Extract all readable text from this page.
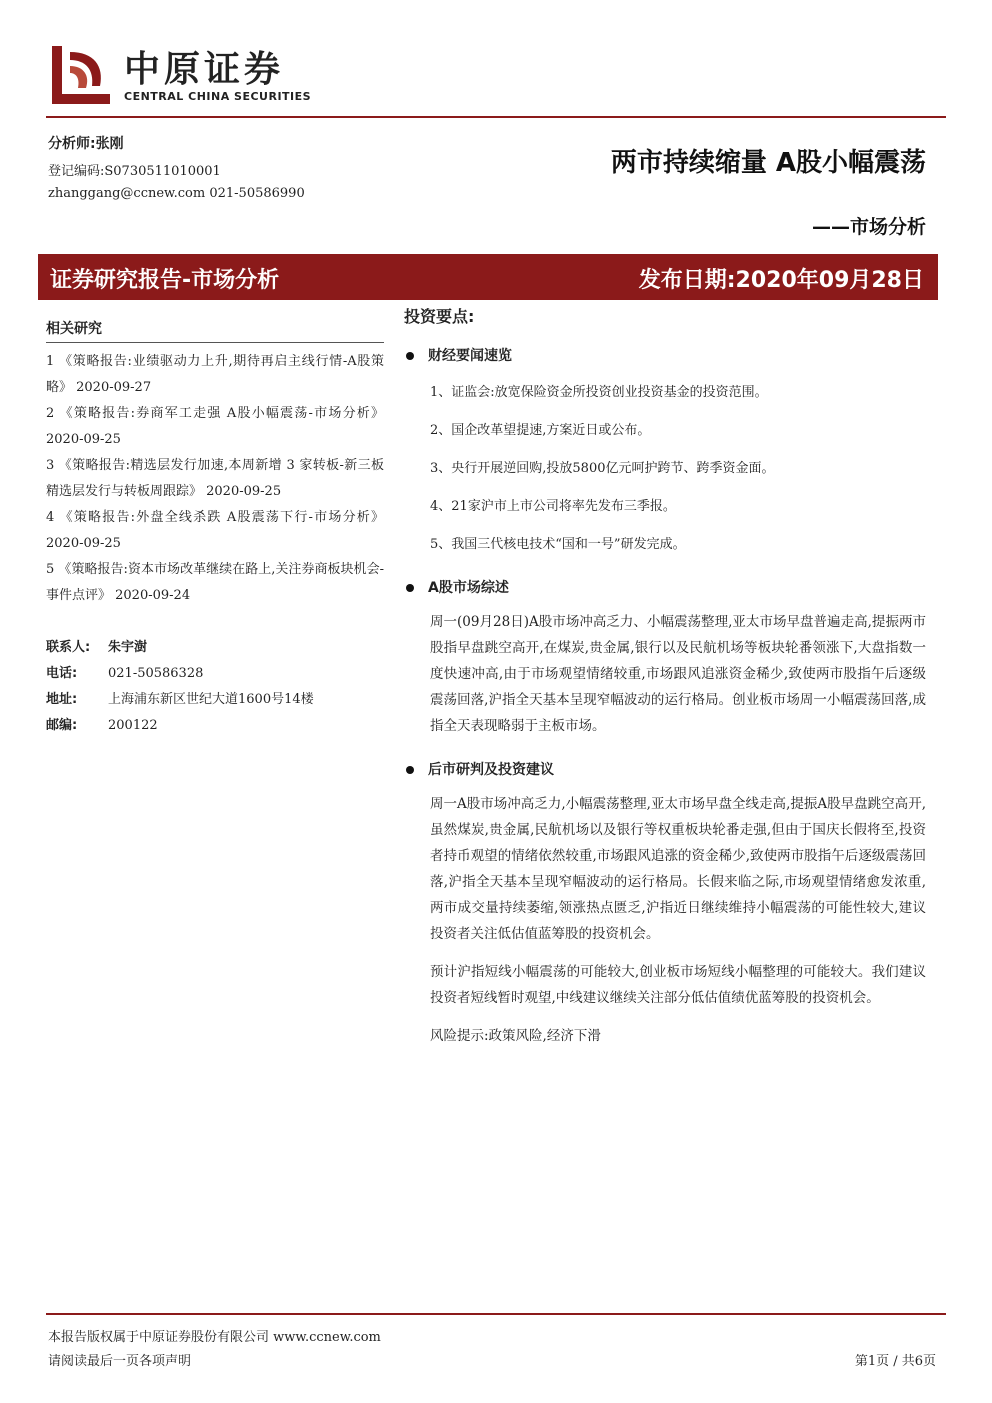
中原证券
CENTRAL CHINA SECURITIES
分析师:张刚
登记编码:S0730511010001
zhanggang@ccnew.com 021-50586990
两市持续缩量 A股小幅震荡
——市场分析
证券研究报告-市场分析	发布日期:2020年09月28日
相关研究
1 《策略报告:业绩驱动力上升,期待再启主线行情-A股策略》 2020-09-27
2 《策略报告:券商军工走强 A股小幅震荡-市场分析》 2020-09-25
3 《策略报告:精选层发行加速,本周新增 3 家转板-新三板精选层发行与转板周跟踪》 2020-09-25
4 《策略报告:外盘全线杀跌 A股震荡下行-市场分析》 2020-09-25
5 《策略报告:资本市场改革继续在路上,关注券商板块机会-事件点评》 2020-09-24
联系人:	朱宇澍
电话:	021-50586328
地址:	上海浦东新区世纪大道1600号14楼
邮编:	200122
投资要点:
财经要闻速览
1、证监会:放宽保险资金所投资创业投资基金的投资范围。
2、国企改革望提速,方案近日或公布。
3、央行开展逆回购,投放5800亿元呵护跨节、跨季资金面。
4、21家沪市上市公司将率先发布三季报。
5、我国三代核电技术“国和一号”研发完成。
A股市场综述
周一(09月28日)A股市场冲高乏力、小幅震荡整理,亚太市场早盘普遍走高,提振两市股指早盘跳空高开,在煤炭,贵金属,银行以及民航机场等板块轮番领涨下,大盘指数一度快速冲高,由于市场观望情绪较重,市场跟风追涨资金稀少,致使两市股指午后逐级震荡回落,沪指全天基本呈现窄幅波动的运行格局。创业板市场周一小幅震荡回落,成指全天表现略弱于主板市场。
后市研判及投资建议
周一A股市场冲高乏力,小幅震荡整理,亚太市场早盘全线走高,提振A股早盘跳空高开,虽然煤炭,贵金属,民航机场以及银行等权重板块轮番走强,但由于国庆长假将至,投资者持币观望的情绪依然较重,市场跟风追涨的资金稀少,致使两市股指午后逐级震荡回落,沪指全天基本呈现窄幅波动的运行格局。长假来临之际,市场观望情绪愈发浓重,两市成交量持续萎缩,领涨热点匮乏,沪指近日继续维持小幅震荡的可能性较大,建议投资者关注低估值蓝筹股的投资机会。
预计沪指短线小幅震荡的可能较大,创业板市场短线小幅整理的可能较大。我们建议投资者短线暂时观望,中线建议继续关注部分低估值绩优蓝筹股的投资机会。
风险提示:政策风险,经济下滑
本报告版权属于中原证券股份有限公司 www.ccnew.com
请阅读最后一页各项声明	第1页 / 共6页
